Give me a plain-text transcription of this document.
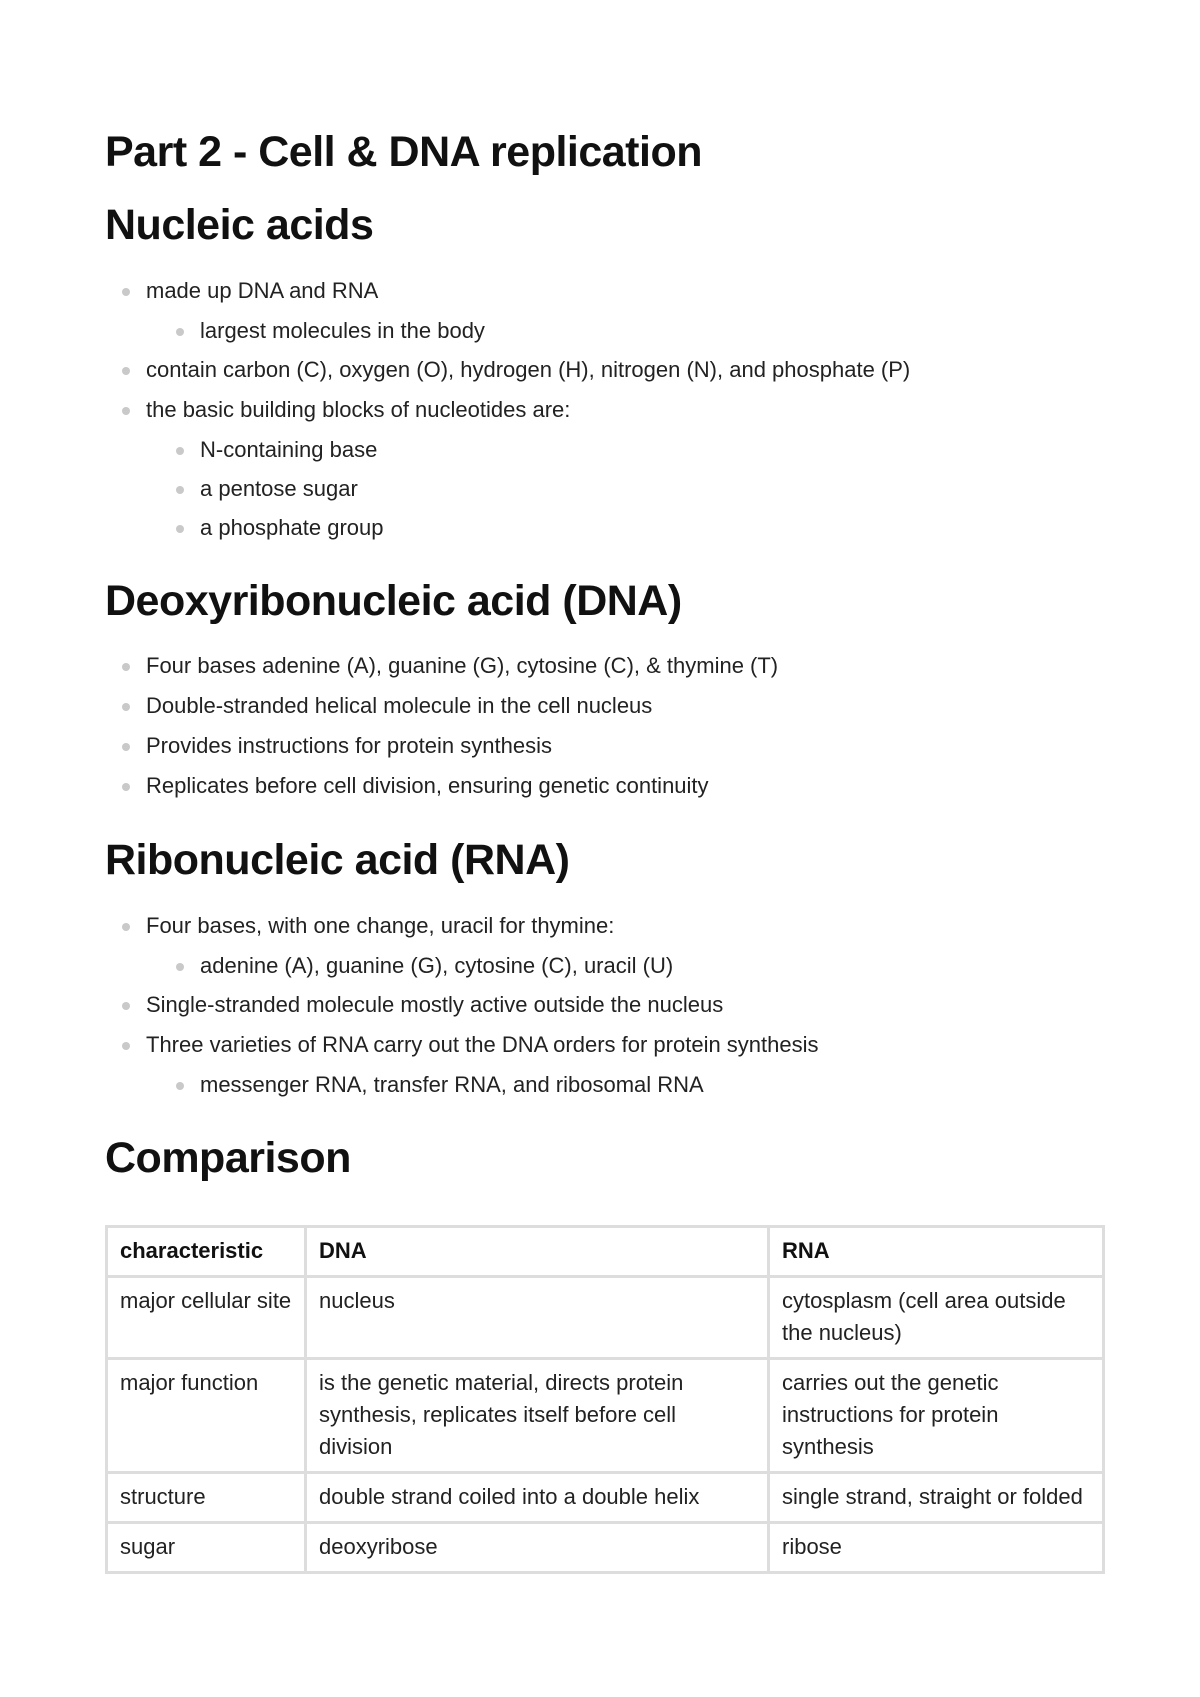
Part 2 - Cell & DNA replication
Nucleic acids
made up DNA and RNA
largest molecules in the body
contain carbon (C), oxygen (O), hydrogen (H), nitrogen (N), and phosphate (P)
the basic building blocks of nucleotides are:
N-containing base
a pentose sugar
a phosphate group
Deoxyribonucleic acid (DNA)
Four bases adenine (A), guanine (G), cytosine (C), & thymine (T)
Double-stranded helical molecule in the cell nucleus
Provides instructions for protein synthesis
Replicates before cell division, ensuring genetic continuity
Ribonucleic acid (RNA)
Four bases, with one change, uracil for thymine:
adenine (A), guanine (G), cytosine (C), uracil (U)
Single-stranded molecule mostly active outside the nucleus
Three varieties of RNA carry out the DNA orders for protein synthesis
messenger RNA, transfer RNA, and ribosomal RNA
Comparison
characteristic	DNA	RNA
major cellular site	nucleus	cytosplasm (cell area outside the nucleus)
major function	is the genetic material, directs protein synthesis, replicates itself before cell division	carries out the genetic instructions for protein synthesis
structure	double strand coiled into a double helix	single strand, straight or folded
sugar	deoxyribose	ribose
